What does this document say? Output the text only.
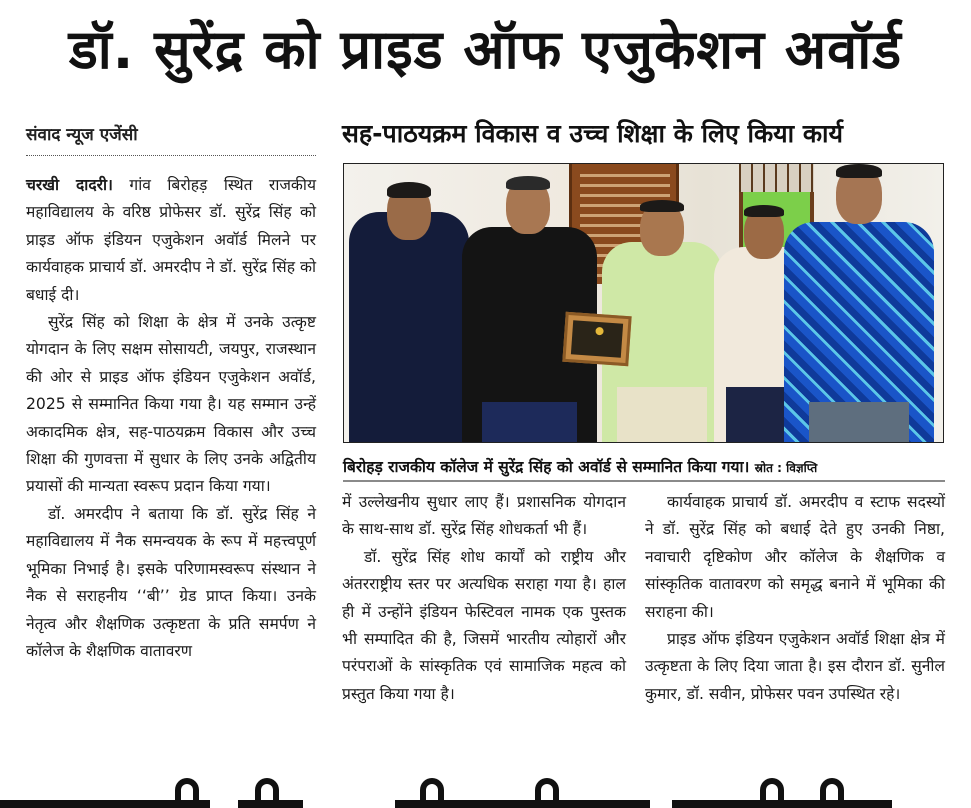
डॉ. सुरेंद्र को प्राइड ऑफ एजुकेशन अवॉर्ड
संवाद न्यूज एजेंसी	सह-पाठयक्रम विकास व उच्च शिक्षा के लिए किया कार्य
बिरोहड़ राजकीय कॉलेज में सुरेंद्र सिंह को अवॉर्ड से सम्मानित किया गया। स्रोत : विज्ञप्ति

चरखी दादरी। गांव बिरोहड़ स्थित राजकीय महाविद्यालय के वरिष्ठ प्रोफेसर डॉ. सुरेंद्र सिंह को प्राइड ऑफ इंडियन एजुकेशन अवॉर्ड मिलने पर कार्यवाहक प्राचार्य डॉ. अमरदीप ने डॉ. सुरेंद्र सिंह को बधाई दी।

सुरेंद्र सिंह को शिक्षा के क्षेत्र में उनके उत्कृष्ट योगदान के लिए सक्षम सोसायटी, जयपुर, राजस्थान की ओर से प्राइड ऑफ इंडियन एजुकेशन अवॉर्ड, 2025 से सम्मानित किया गया है। यह सम्मान उन्हें अकादमिक क्षेत्र, सह-पाठयक्रम विकास और उच्च शिक्षा की गुणवत्ता में सुधार के लिए उनके अद्वितीय प्रयासों की मान्यता स्वरूप प्रदान किया गया।

डॉ. अमरदीप ने बताया कि डॉ. सुरेंद्र सिंह ने महाविद्यालय में नैक समन्वयक के रूप में महत्त्वपूर्ण भूमिका निभाई है। इसके परिणामस्वरूप संस्थान ने नैक से सराहनीय ‘‘बी’’ ग्रेड प्राप्त किया। उनके नेतृत्व और शैक्षणिक उत्कृष्टता के प्रति समर्पण ने कॉलेज के शैक्षणिक वातावरण

में उल्लेखनीय सुधार लाए हैं। प्रशासनिक योगदान के साथ-साथ डॉ. सुरेंद्र सिंह शोधकर्ता भी हैं।

डॉ. सुरेंद्र सिंह शोध कार्यों को राष्ट्रीय और अंतरराष्ट्रीय स्तर पर अत्यधिक सराहा गया है। हाल ही में उन्होंने इंडियन फेस्टिवल नामक एक पुस्तक भी सम्पादित की है, जिसमें भारतीय त्योहारों और परंपराओं के सांस्कृतिक एवं सामाजिक महत्व को प्रस्तुत किया गया है।

कार्यवाहक प्राचार्य डॉ. अमरदीप व स्टाफ सदस्यों ने डॉ. सुरेंद्र सिंह को बधाई देते हुए उनकी निष्ठा, नवाचारी दृष्टिकोण और कॉलेज के शैक्षणिक व सांस्कृतिक वातावरण को समृद्ध बनाने में भूमिका की सराहना की।

प्राइड ऑफ इंडियन एजुकेशन अवॉर्ड शिक्षा क्षेत्र में उत्कृष्टता के लिए दिया जाता है। इस दौरान डॉ. सुनील कुमार, डॉ. सवीन, प्रोफेसर पवन उपस्थित रहे।
